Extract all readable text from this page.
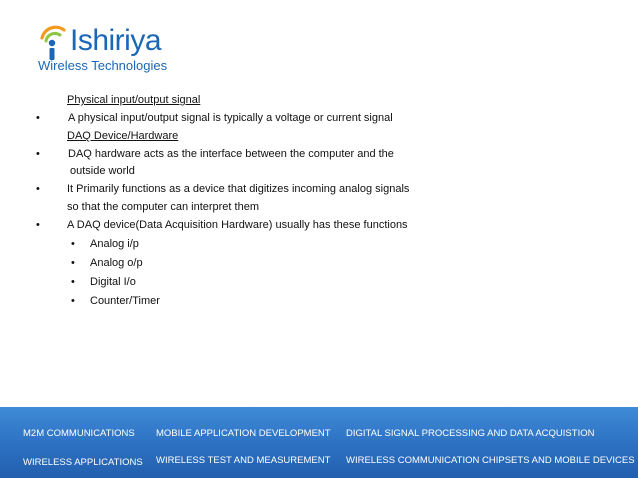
Ishiriya
Wireless Technologies
Physical input/output signal
•	A physical input/output signal is typically a voltage or current signal
DAQ Device/Hardware
•	DAQ hardware acts as the interface between the computer and the
outside world
• It Primarily functions as a device that digitizes incoming analog signals
so that the computer can interpret them
• A DAQ device(Data Acquisition Hardware) usually has these functions
• Analog i/p
• Analog o/p
• Digital I/o
• Counter/Timer
M2M COMMUNICATIONS MOBILE APPLICATION DEVELOPMENT DIGITAL SIGNAL PROCESSING AND DATA ACQUISTION
WIRELESS APPLICATIONS WIRELESS TEST AND MEASUREMENT WIRELESS COMMUNICATION CHIPSETS AND MOBILE DEVICES
